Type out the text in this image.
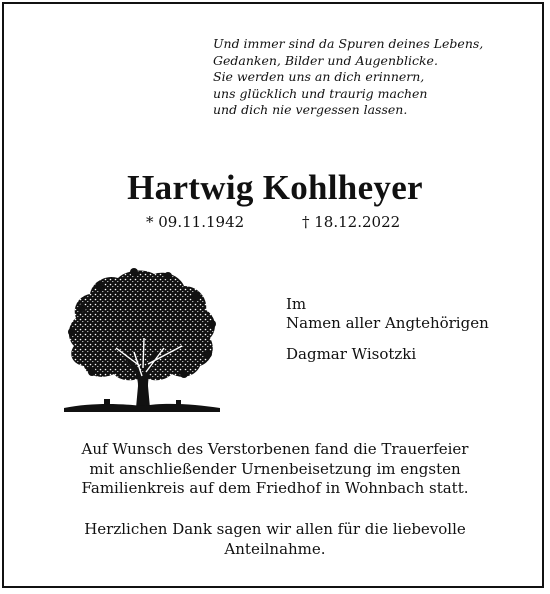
Und immer sind da Spuren deines Lebens,
Gedanken, Bilder und Augenblicke.
Sie werden uns an dich erinnern,
uns glücklich und traurig machen
und dich nie vergessen lassen.
Hartwig Kohlheyer
* 09.11.1942	† 18.12.2022
Im
Namen aller Angtehörigen
Dagmar Wisotzki
Auf Wunsch des Verstorbenen fand die Trauerfeier
mit anschließender Urnenbeisetzung im engsten
Familienkreis auf dem Friedhof in Wohnbach statt.
Herzlichen Dank sagen wir allen für die liebevolle
Anteilnahme.
